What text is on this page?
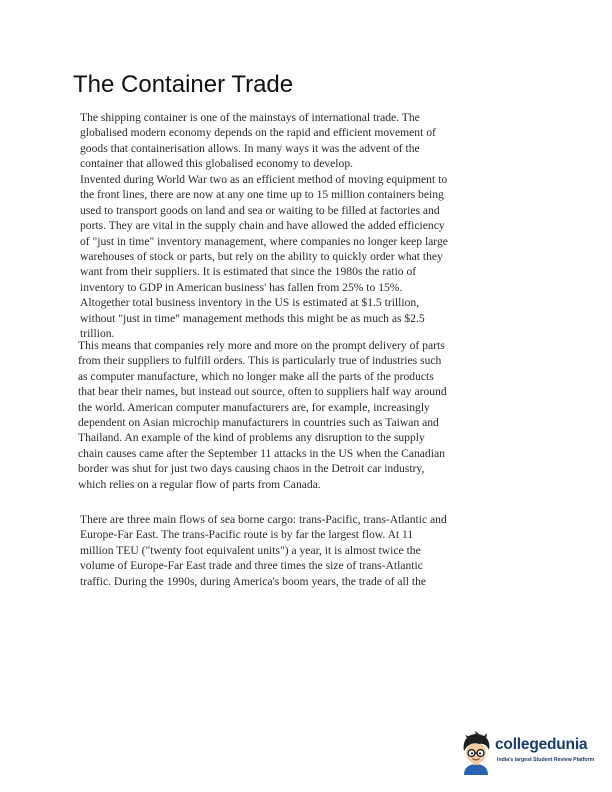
The Container Trade
The shipping container is one of the mainstays of international trade. The
globalised modern economy depends on the rapid and efficient movement of
goods that containerisation allows. In many ways it was the advent of the
container that allowed this globalised economy to develop.
Invented during World War two as an efficient method of moving equipment to
the front lines, there are now at any one time up to 15 million containers being
used to transport goods on land and sea or waiting to be filled at factories and
ports. They are vital in the supply chain and have allowed the added efficiency
of "just in time" inventory management, where companies no longer keep large
warehouses of stock or parts, but rely on the ability to quickly order what they
want from their suppliers. It is estimated that since the 1980s the ratio of
inventory to GDP in American business' has fallen from 25% to 15%.
Altogether total business inventory in the US is estimated at $1.5 trillion,
without "just in time" management methods this might be as much as $2.5
trillion.
This means that companies rely more and more on the prompt delivery of parts
from their suppliers to fulfill orders. This is particularly true of industries such
as computer manufacture, which no longer make all the parts of the products
that bear their names, but instead out source, often to suppliers half way around
the world. American computer manufacturers are, for example, increasingly
dependent on Asian microchip manufacturers in countries such as Taiwan and
Thailand. An example of the kind of problems any disruption to the supply
chain causes came after the September 11 attacks in the US when the Canadian
border was shut for just two days causing chaos in the Detroit car industry,
which relies on a regular flow of parts from Canada.
There are three main flows of sea borne cargo: trans-Pacific, trans-Atlantic and
Europe-Far East. The trans-Pacific route is by far the largest flow. At 11
million TEU ("twenty foot equivalent units") a year, it is almost twice the
volume of Europe-Far East trade and three times the size of trans-Atlantic
traffic. During the 1990s, during America's boom years, the trade of all the
collegedunia
India's largest Student Review Platform
